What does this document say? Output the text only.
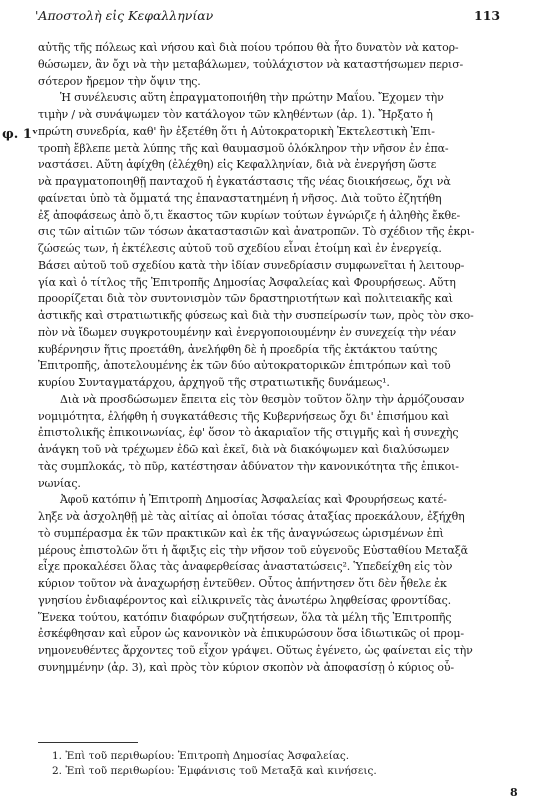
'Αποστολὴ εἰς Κεφαλληνίαν	113
φ. 1ᵛ
αὐτῆς τῆς πόλεως καὶ νήσου καὶ διὰ ποίου τρόπου θὰ ἦτο δυνατὸν νὰ κατορ-
θώσωμεν, ἂν ὄχι νὰ τὴν μεταβάλωμεν, τοὐλάχιστον νὰ καταστήσωμεν περισ-
σότερον ἤρεμον τὴν ὄψιν της.
Ἡ συνέλευσις αὕτη ἐπραγματοποιήθη τὴν πρώτην Μαΐου. Ἔχομεν τὴν
τιμὴν / νὰ συνάψωμεν τὸν κατάλογον τῶν κληθέντων (ἀρ. 1). Ἤρξατο ἡ
πρώτη συνεδρία, καθ' ἣν ἐξετέθη ὅτι ἡ Αὐτοκρατορικὴ Ἐκτελεστικὴ Ἐπι-
τροπὴ ἔβλεπε μετὰ λύπης τῆς καὶ θαυμασμοῦ ὁλόκληρον τὴν νῆσον ἐν ἐπα-
ναστάσει. Αὕτη ἀφίχθη (ἐλέχθη) εἰς Κεφαλληνίαν, διὰ νὰ ἐνεργήση ὥστε
νὰ πραγματοποιηθῇ πανταχοῦ ἡ ἐγκατάστασις τῆς νέας διοικήσεως, ὄχι νὰ
φαίνεται ὑπὸ τὰ ὄμματά της ἐπαναστατημένη ἡ νῆσος. Διὰ τοῦτο ἐζητήθη
ἐξ ἀποφάσεως ἀπὸ ὅ,τι ἕκαστος τῶν κυρίων τούτων ἐγνώριζε ἡ ἀληθὴς ἔκθε-
σις τῶν αἰτιῶν τῶν τόσων ἀκαταστασιῶν καὶ ἀνατροπῶν. Τὸ σχέδιον τῆς ἐκρι-
ζώσεώς των, ἡ ἐκτέλεσις αὐτοῦ τοῦ σχεδίου εἶναι ἑτοίμη καὶ ἐν ἐνεργείᾳ.
Βάσει αὐτοῦ τοῦ σχεδίου κατὰ τὴν ἰδίαν συνεδρίασιν συμφωνεῖται ἡ λειτουρ-
γία καὶ ὁ τίτλος τῆς Ἐπιτροπῆς Δημοσίας Ἀσφαλείας καὶ Φρουρήσεως. Αὕτη
προορίζεται διὰ τὸν συντονισμὸν τῶν δραστηριοτήτων καὶ πολιτειακῆς καὶ
ἀστικῆς καὶ στρατιωτικῆς φύσεως καὶ διὰ τὴν συσπείρωσίν των, πρὸς τὸν σκο-
πὸν νὰ ἴδωμεν συγκροτουμένην καὶ ἐνεργοποιουμένην ἐν συνεχείᾳ τὴν νέαν
κυβέρνησιν ἥτις προετάθη, ἀνελήφθη δὲ ἡ προεδρία τῆς ἐκτάκτου ταύτης
Ἐπιτροπῆς, ἀποτελουμένης ἐκ τῶν δύο αὐτοκρατορικῶν ἐπιτρόπων καὶ τοῦ
κυρίου Συνταγματάρχου, ἀρχηγοῦ τῆς στρατιωτικῆς δυνάμεως¹.
Διὰ νὰ προσδώσωμεν ἔπειτα εἰς τὸν θεσμὸν τοῦτον ὅλην τὴν ἁρμόζουσαν
νομιμότητα, ἐλήφθη ἡ συγκατάθεσις τῆς Κυβερνήσεως ὄχι δι' ἐπισήμου καὶ
ἐπιστολικῆς ἐπικοινωνίας, ἐφ' ὅσον τὸ ἀκαριαῖον τῆς στιγμῆς καὶ ἡ συνεχὴς
ἀνάγκη τοῦ νὰ τρέχωμεν ἐδῶ καὶ ἐκεῖ, διὰ νὰ διακόψωμεν καὶ διαλύσωμεν
τὰς συμπλοκάς, τὸ πῦρ, κατέστησαν ἀδύνατον τὴν κανονικότητα τῆς ἐπικοι-
νωνίας.
Ἀφοῦ κατόπιν ἡ Ἐπιτροπὴ Δημοσίας Ἀσφαλείας καὶ Φρουρήσεως κατέ-
ληξε νὰ ἀσχοληθῇ μὲ τὰς αἰτίας αἱ ὁποῖαι τόσας ἀταξίας προεκάλουν, ἐξήχθη
τὸ συμπέρασμα ἐκ τῶν πρακτικῶν καὶ ἐκ τῆς ἀναγνώσεως ὡρισμένων ἐπὶ
μέρους ἐπιστολῶν ὅτι ἡ ἄφιξις εἰς τὴν νῆσον τοῦ εὐγενοῦς Εὐσταθίου Μεταξᾶ
εἶχε προκαλέσει ὅλας τὰς ἀναφερθείσας ἀναστατώσεις². Ὑπεδείχθη εἰς τὸν
κύριον τοῦτον νὰ ἀναχωρήσῃ ἐντεῦθεν. Οὗτος ἀπήντησεν ὅτι δὲν ἦθελε ἐκ
γνησίου ἐνδιαφέροντος καὶ εἰλικρινεῖς τὰς ἀνωτέρω ληφθείσας φροντίδας.
Ἕνεκα τούτου, κατόπιν διαφόρων συζητήσεων, ὅλα τὰ μέλη τῆς Ἐπιτροπῆς
ἐσκέφθησαν καὶ εὗρον ὡς κανονικὸν νὰ ἐπικυρώσουν ὅσα ἰδιωτικῶς οἱ προμ-
νημονευθέντες ἄρχοντες τοῦ εἶχον γράψει. Οὕτως ἐγένετο, ὡς φαίνεται εἰς τὴν
συνημμένην (ἀρ. 3), καὶ πρὸς τὸν κύριον σκοπὸν νὰ ἀποφασίσῃ ὁ κύριος οὗ-
1. Ἐπὶ τοῦ περιθωρίου: Ἐπιτροπὴ Δημοσίας Ἀσφαλείας.
2. Ἐπὶ τοῦ περιθωρίου: Ἐμφάνισις τοῦ Μεταξᾶ καὶ κινήσεις.
8
